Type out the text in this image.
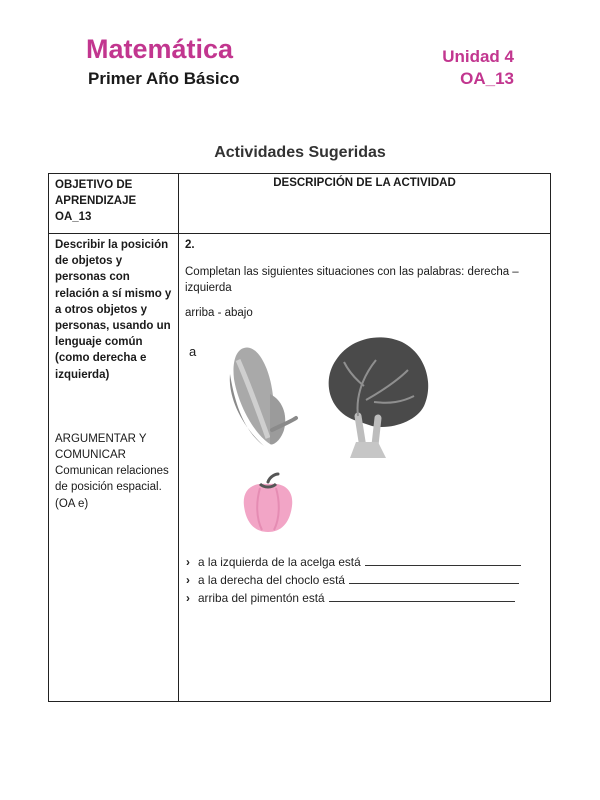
Matemática
Primer Año Básico
Unidad 4
OA_13
Actividades Sugeridas
OBJETIVO DE APRENDIZAJE OA_13
DESCRIPCIÓN DE LA ACTIVIDAD
Describir la posición de objetos y personas con relación a sí mismo y a otros objetos y personas, usando un lenguaje común (como derecha e izquierda)
ARGUMENTAR Y COMUNICAR
Comunican relaciones de posición espacial. (OA e)
2.
Completan las siguientes situaciones con las palabras: derecha – izquierda
arriba - abajo
a
› a la izquierda de la acelga está
› a la derecha del choclo está
› arriba del pimentón está
